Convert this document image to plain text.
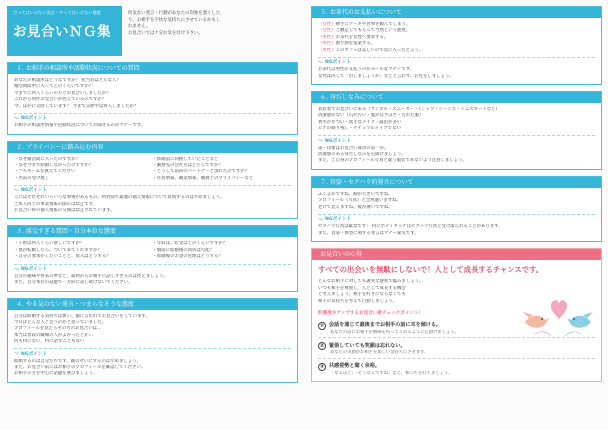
言ってはいけない発言・やってはいけない態度
お見合いＮＧ集

何気ない発言・行動があなたの印象を悪くした

り、お相手を不快な気持ちにさせているかもし

れません。

お見合いでは十分お気を付け下さい。

１. お相手の相談所や活動状況についての質問

あなたの相談所はどうなですか？ 担当者はどんな人？

婚活期間中に入ってどのくらいですか？

今までに何人くらいの方とお見合いしましたか？

これから何件お見合いが控えているのですか？

今、ほかに交際しています？ 今まで交際中は何人しましたか？

〜 NGポイント

お相手の相談所情報や活動状況についてお聞きるのがマナーです。

２. プライバシーに踏み込む内容

・なぜ婚活期に入ったのですか？

・なぜ今まで結婚しなかったのですか？

・フルネームを教えてください

・名前の受け渡し

・結婚前に同棲していたことなど

・勤務先の会社名はどちらですか？

・どうして前回のパートナーと別れたのですか？

・住居情報、職業情報、職務上のプライバシーなど

〜 NGポイント

人にはそれぞれいろいろな事情があるもの。初対面で最適の個人情報について質問するのはやめましょう。

ご本人同士の事業情報の開示は禁止です。

お見合い時の個人情報の交換は禁止されています。

３. 漠交すぎる質問・自分本位な態度

・子供は何人くらい欲しいですか？

・僕が転勤したら、ついて来てくれますか？

・自分の要求がしたいことと、収入はどうする？

・年収は、貯金はどのくらいですか？

・婚前に結婚後の同居は可能？

・結婚後のお金の管理はどうする？

〜 NGポイント

自分の趣味や将来の夢など、最初からお相手に話しすぎるのは控えましょう。

また、自分本位の話題で一方的に話し続けないでください。

４. やる気のない発言・つまらなそうな態度

自分は結婚する気持ちは無い。親に言われてお見合いをしています。

今日はどんな人と会うのかと思っていました。

プロフィールを見たらその方のお見合いは…

本当は普段の職場の人がよかったとか…

何も特にない、特に話すこともない

〜 NGポイント

結婚するのは自分たちです。親のせいにするのはやめましょう。

また、お見合い前にはお相手のプロフィールを確認してください。

お相手の方を中心に話題を選びましょう。

５. お茶代のお支払いについて

（女性）勝手にケーキや食事を頼んでしまう。

（女性）ご馳走してもらって当然という態度。

（男性）お茶代を女性へ要求する。

（男性）割り勘を提案する。

（男性）このカフェは美しいので気に入ったと言う。

〜 NGポイント

お茶代は男性が支払うのがルール＆マナーです。

女性は決して「出しましょうか」などと言わず、お礼をしましょう。

６. 身だしなみについて

普段着でお見合いに来る（サンダル・スニーカー・Tシャツ・ジーンズ・ミニスカートなど）

清潔感がない（爪が汚い・髪がぼさぼさ・汚れた服）

香水がきつい・派手なメイク・露出が多い

ヒゲの剃り残し・ナチュラルメイクでない

〜 NGポイント

第一印象はお見合い成功の第一歩。

清潔感のある身だしなみを心掛けましょう。

また、ご自身のプロフィール写真と違う服装で来ないよう注意しましょう。

７. 容姿・セクハラ的発言について

ふくよかですね。胸が大きいですね。

プロフィール（写真）と全然違いますね。

老けて見えますね。髪が薄いですね。

〜 NGポイント

セクハラ行為は厳禁です！ 特にボディタッチはセクハラ行為と受け取られることがあります。

また、容姿・体型に関する発言はマナー違反です。

お見合いの心得
すべての出会いを無駄にしないで！人として成長するチャンスです。

どんなお相手に対しても誠実な態度で臨みましょう。

いつも相手を尊重し、人として成長する機会

と考えましょう。相手を好きにならなくても

相手の気持ちを考えて行動しましょう。

好感度がアップするお見合い術チェックポイント！
① 会話を通じて最後までお相手の話に耳を傾ける。
あなたの話にお相手が興味を持ってくれるように心掛けましょう。
② 緊張していても笑顔は忘れない。
あなたの笑顔がお相手を楽しい気持ちにさせます。
③ 共感姿勢と聞く余裕。
「なるほど」「そうなんですね」など、相づちを打ちましょう。
